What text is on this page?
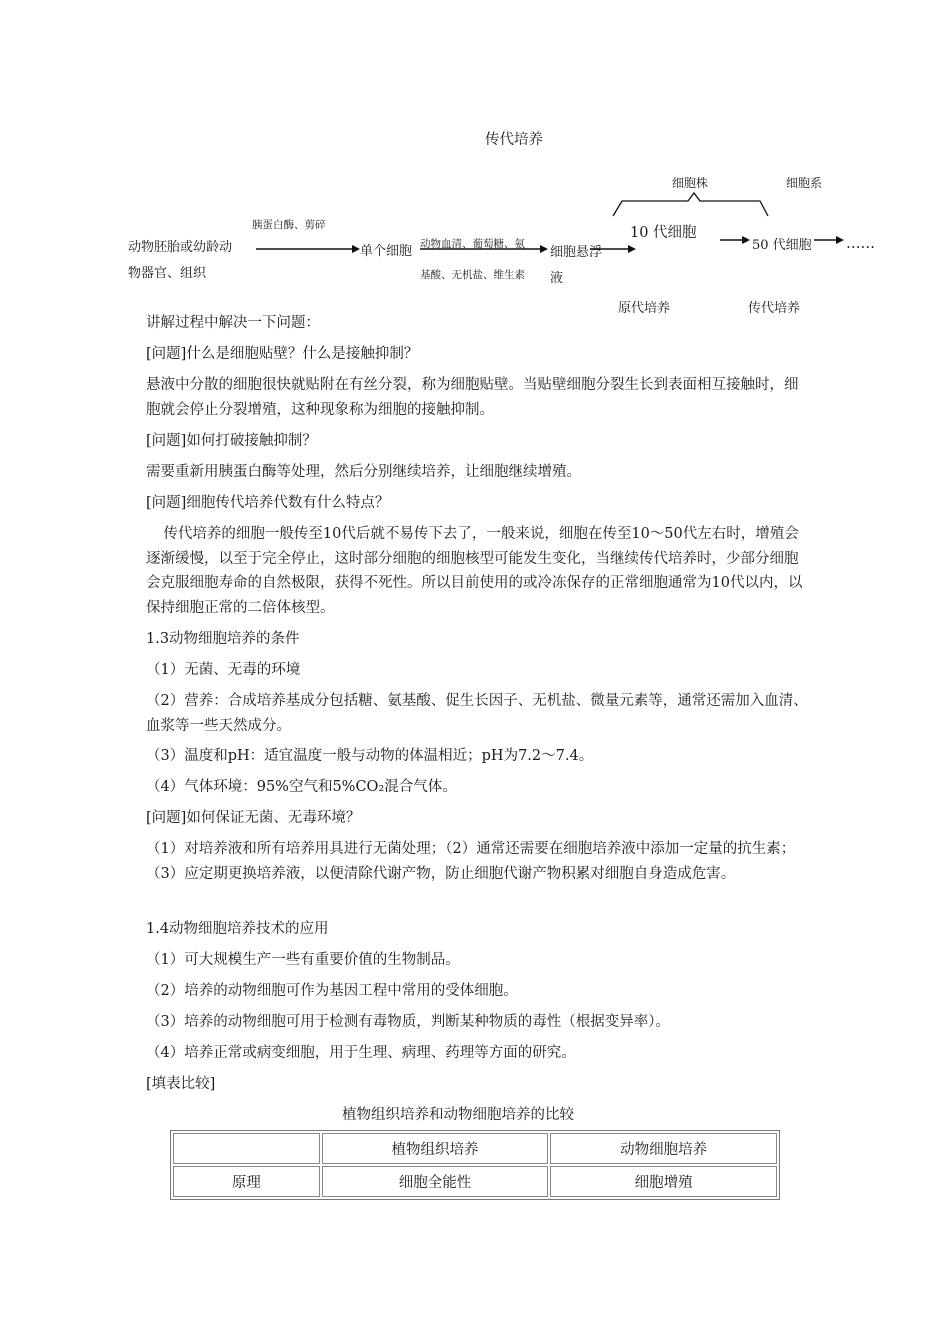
传代培养
动物胚胎或幼龄动
物器官、组织
胰蛋白酶、剪碎
单个细胞 动物血清、葡萄糖、氨
基酸、无机盐、维生素
细胞悬浮
液
细胞株	细胞系
10 代细胞
50 代细胞 ……
原代培养	传代培养
讲解过程中解决一下问题：
[问题]什么是细胞贴壁？什么是接触抑制？
悬液中分散的细胞很快就贴附在有丝分裂，称为细胞贴壁。当贴壁细胞分裂生长到表面相互接触时，细胞就会停止分裂增殖，这种现象称为细胞的接触抑制。
[问题]如何打破接触抑制？
需要重新用胰蛋白酶等处理，然后分别继续培养，让细胞继续增殖。
[问题]细胞传代培养代数有什么特点？
传代培养的细胞一般传至10代后就不易传下去了，一般来说，细胞在传至10～50代左右时，增殖会逐渐缓慢，以至于完全停止，这时部分细胞的细胞核型可能发生变化，当继续传代培养时，少部分细胞会克服细胞寿命的自然极限，获得不死性。所以目前使用的或冷冻保存的正常细胞通常为10代以内，以保持细胞正常的二倍体核型。
1.3动物细胞培养的条件
（1）无菌、无毒的环境
（2）营养：合成培养基成分包括糖、氨基酸、促生长因子、无机盐、微量元素等，通常还需加入血清、血浆等一些天然成分。
（3）温度和pH：适宜温度一般与动物的体温相近；pH为7.2～7.4。
（4）气体环境：95%空气和5%CO₂混合气体。
[问题]如何保证无菌、无毒环境？
（1）对培养液和所有培养用具进行无菌处理；（2）通常还需要在细胞培养液中添加一定量的抗生素；（3）应定期更换培养液，以便清除代谢产物，防止细胞代谢产物积累对细胞自身造成危害。
1.4动物细胞培养技术的应用
（1）可大规模生产一些有重要价值的生物制品。
（2）培养的动物细胞可作为基因工程中常用的受体细胞。
（3）培养的动物细胞可用于检测有毒物质，判断某种物质的毒性（根据变异率）。
（4）培养正常或病变细胞，用于生理、病理、药理等方面的研究。
[填表比较]
植物组织培养和动物细胞培养的比较
	植物组织培养	动物细胞培养
原理	细胞全能性	细胞增殖
